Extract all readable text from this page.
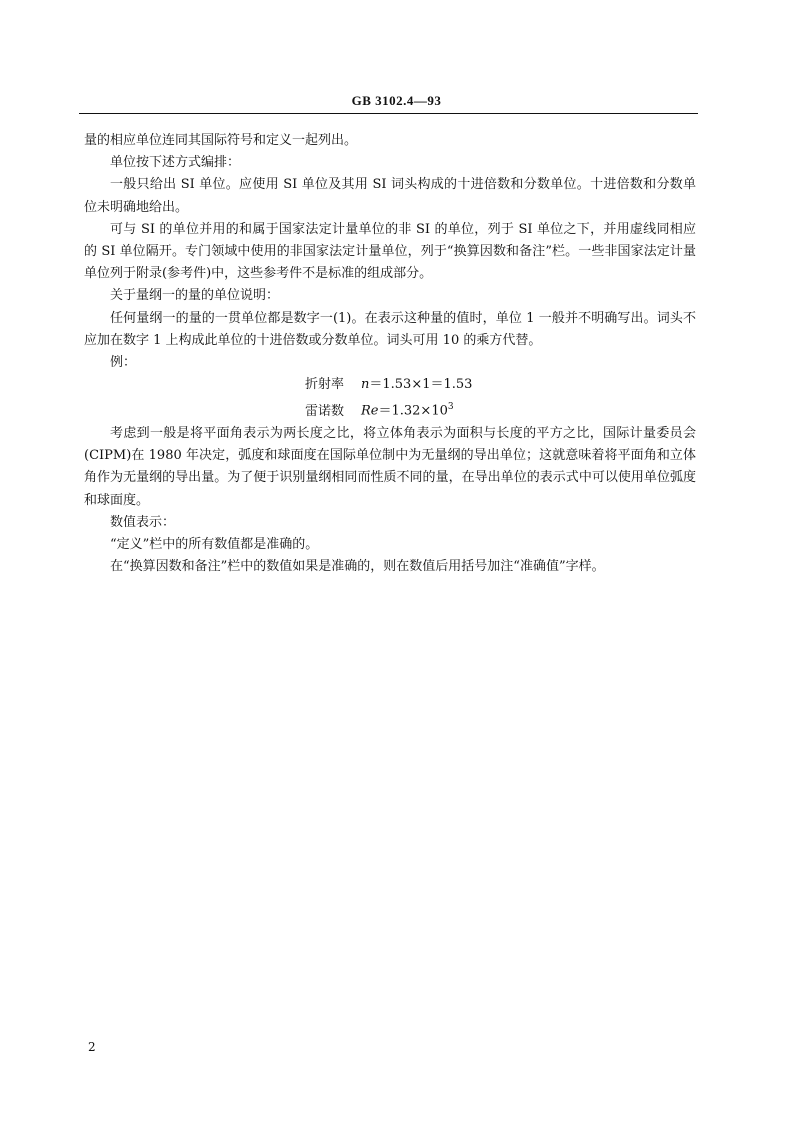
GB 3102.4—93

量的相应单位连同其国际符号和定义一起列出。

单位按下述方式编排：

一般只给出 SI 单位。应使用 SI 单位及其用 SI 词头构成的十进倍数和分数单位。十进倍数和分数单位未明确地给出。

可与 SI 的单位并用的和属于国家法定计量单位的非 SI 的单位，列于 SI 单位之下，并用虚线同相应的 SI 单位隔开。专门领域中使用的非国家法定计量单位，列于“换算因数和备注”栏。一些非国家法定计量单位列于附录(参考件)中，这些参考件不是标准的组成部分。

关于量纲一的量的单位说明：

任何量纲一的量的一贯单位都是数字一(1)。在表示这种量的值时，单位 1 一般并不明确写出。词头不应加在数字 1 上构成此单位的十进倍数或分数单位。词头可用 10 的乘方代替。

例：

折射率 n＝1.53×1＝1.53
雷诺数 $Re=1.32\times 10^3$

考虑到一般是将平面角表示为两长度之比，将立体角表示为面积与长度的平方之比，国际计量委员会(CIPM)在 1980 年决定，弧度和球面度在国际单位制中为无量纲的导出单位；这就意味着将平面角和立体角作为无量纲的导出量。为了便于识别量纲相同而性质不同的量，在导出单位的表示式中可以使用单位弧度和球面度。

数值表示：

“定义”栏中的所有数值都是准确的。

在“换算因数和备注”栏中的数值如果是准确的，则在数值后用括号加注“准确值”字样。

2
